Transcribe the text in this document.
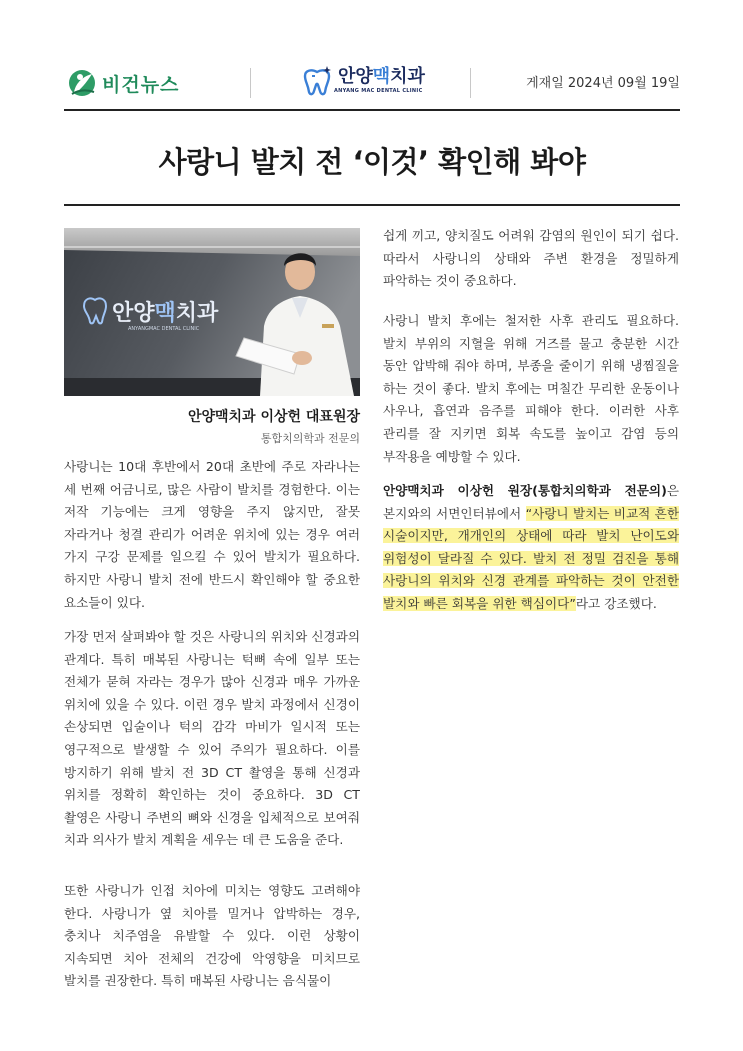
비건뉴스	안양맥치과
ANYANG MAC DENTAL CLINIC	게재일 2024년 09월 19일
사랑니 발치 전 ‘이것’ 확인해 봐야
안양맥치과
ANYANGMAC DENTAL CLINIC
안양맥치과 이상헌 대표원장
통합치의학과 전문의

사랑니는 10대 후반에서 20대 초반에 주로 자라나는 세 번째 어금니로, 많은 사람이 발치를 경험한다. 이는 저작 기능에는 크게 영향을 주지 않지만, 잘못 자라거나 청결 관리가 어려운 위치에 있는 경우 여러 가지 구강 문제를 일으킬 수 있어 발치가 필요하다. 하지만 사랑니 발치 전에 반드시 확인해야 할 중요한 요소들이 있다.

가장 먼저 살펴봐야 할 것은 사랑니의 위치와 신경과의 관계다. 특히 매복된 사랑니는 턱뼈 속에 일부 또는 전체가 묻혀 자라는 경우가 많아 신경과 매우 가까운 위치에 있을 수 있다. 이런 경우 발치 과정에서 신경이 손상되면 입술이나 턱의 감각 마비가 일시적 또는 영구적으로 발생할 수 있어 주의가 필요하다. 이를 방지하기 위해 발치 전 3D CT 촬영을 통해 신경과 위치를 정확히 확인하는 것이 중요하다. 3D CT 촬영은 사랑니 주변의 뼈와 신경을 입체적으로 보여줘 치과 의사가 발치 계획을 세우는 데 큰 도움을 준다.

또한 사랑니가 인접 치아에 미치는 영향도 고려해야 한다. 사랑니가 옆 치아를 밀거나 압박하는 경우, 충치나 치주염을 유발할 수 있다. 이런 상황이 지속되면 치아 전체의 건강에 악영향을 미치므로 발치를 권장한다. 특히 매복된 사랑니는 음식물이

쉽게 끼고, 양치질도 어려워 감염의 원인이 되기 쉽다. 따라서 사랑니의 상태와 주변 환경을 정밀하게 파악하는 것이 중요하다.

사랑니 발치 후에는 철저한 사후 관리도 필요하다. 발치 부위의 지혈을 위해 거즈를 물고 충분한 시간 동안 압박해 줘야 하며, 부종을 줄이기 위해 냉찜질을 하는 것이 좋다. 발치 후에는 며칠간 무리한 운동이나 사우나, 흡연과 음주를 피해야 한다. 이러한 사후 관리를 잘 지키면 회복 속도를 높이고 감염 등의 부작용을 예방할 수 있다.

안양맥치과 이상헌 원장(통합치의학과 전문의)은 본지와의 서면인터뷰에서 “사랑니 발치는 비교적 흔한 시술이지만, 개개인의 상태에 따라 발치 난이도와 위험성이 달라질 수 있다. 발치 전 정밀 검진을 통해 사랑니의 위치와 신경 관계를 파악하는 것이 안전한 발치와 빠른 회복을 위한 핵심이다”라고 강조했다.
